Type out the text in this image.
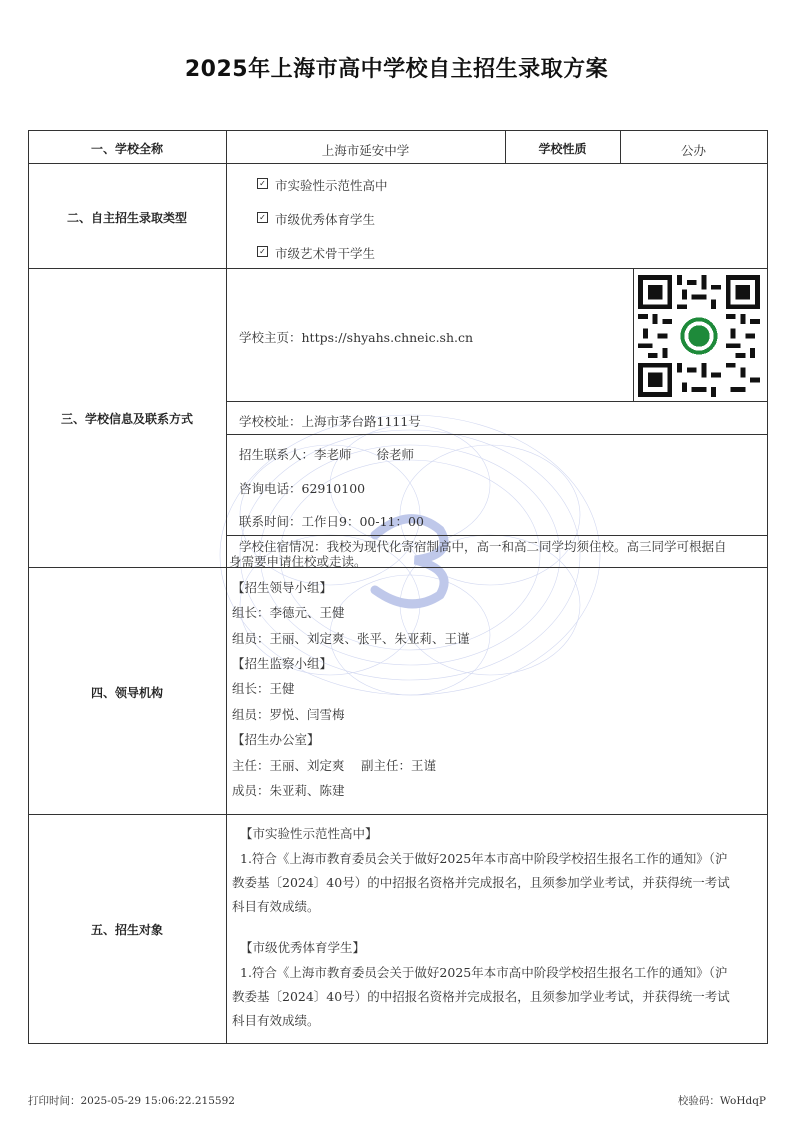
2025年上海市高中学校自主招生录取方案
一、学校全称	上海市延安中学	学校性质	公办
二、自主招生录取类型
✓ 市实验性示范性高中
✓ 市级优秀体育学生
✓ 市级艺术骨干学生
三、学校信息及联系方式
学校主页：https://shyahs.chneic.sh.cn
学校校址：上海市茅台路1111号
招生联系人：李老师　　徐老师
咨询电话：62910100
联系时间：工作日9：00-11：00
学校住宿情况：我校为现代化寄宿制高中，高一和高二同学均须住校。高三同学可根据自
身需要申请住校或走读。
四、领导机构
【招生领导小组】
组长：李德元、王健
组员：王丽、刘定爽、张平、朱亚莉、王谨
【招生监察小组】
组长：王健
组员：罗悦、闫雪梅
【招生办公室】
主任：王丽、刘定爽　 副主任：王谨
成员：朱亚莉、陈建
五、招生对象
【市实验性示范性高中】
1.符合《上海市教育委员会关于做好2025年本市高中阶段学校招生报名工作的通知》（沪
教委基〔2024〕40号）的中招报名资格并完成报名，且须参加学业考试，并获得统一考试
科目有效成绩。
【市级优秀体育学生】
1.符合《上海市教育委员会关于做好2025年本市高中阶段学校招生报名工作的通知》（沪
教委基〔2024〕40号）的中招报名资格并完成报名，且须参加学业考试，并获得统一考试
科目有效成绩。
打印时间：2025-05-29 15:06:22.215592	校验码：WoHdqP
